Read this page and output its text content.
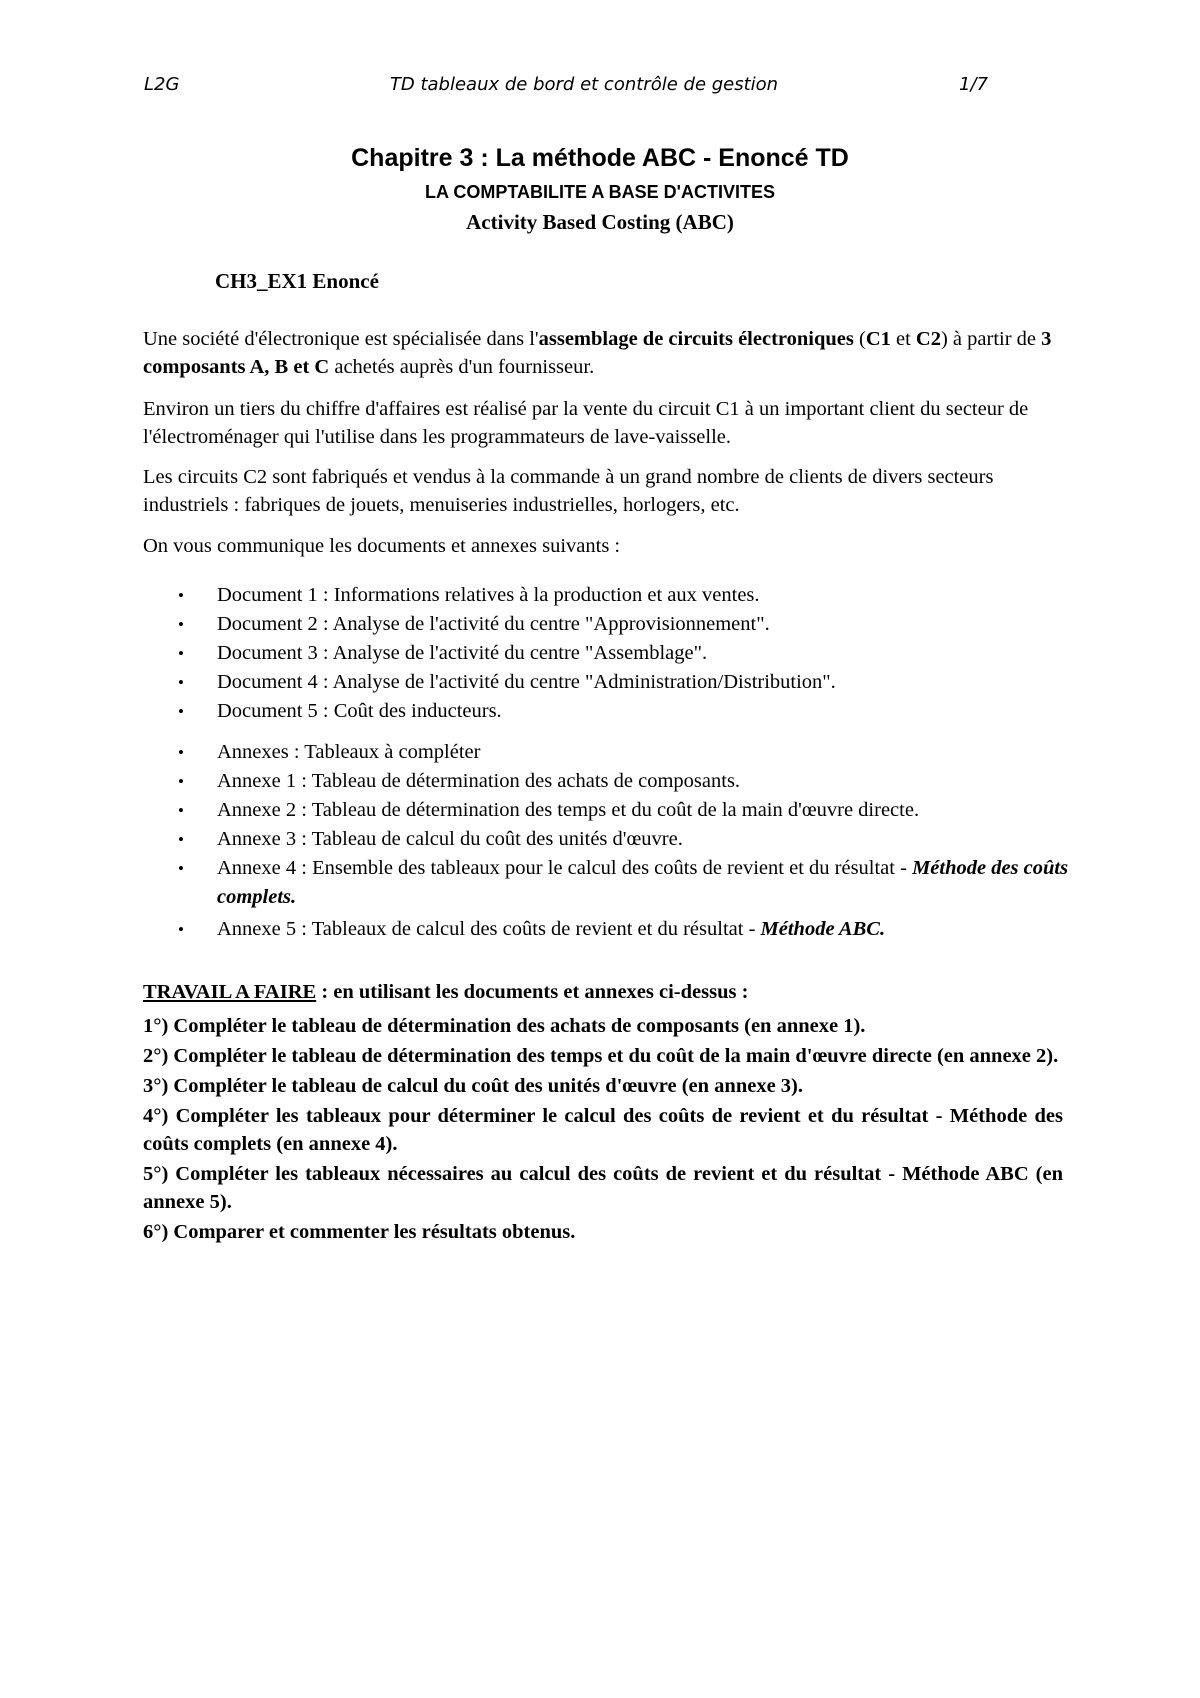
L2G	TD tableaux de bord et contrôle de gestion	1/7
Chapitre 3 : La méthode ABC - Enoncé TD
LA COMPTABILITE A BASE D'ACTIVITES
Activity Based Costing (ABC)
CH3_EX1 Enoncé
Une société d'électronique est spécialisée dans l'assemblage de circuits électroniques (C1 et C2) à partir de 3 composants A, B et C achetés auprès d'un fournisseur.
Environ un tiers du chiffre d'affaires est réalisé par la vente du circuit C1 à un important client du secteur de l'électroménager qui l'utilise dans les programmateurs de lave-vaisselle.
Les circuits C2 sont fabriqués et vendus à la commande à un grand nombre de clients de divers secteurs industriels : fabriques de jouets, menuiseries industrielles, horlogers, etc.
On vous communique les documents et annexes suivants :
• Document 1 : Informations relatives à la production et aux ventes.
• Document 2 : Analyse de l'activité du centre "Approvisionnement".
• Document 3 : Analyse de l'activité du centre "Assemblage".
• Document 4 : Analyse de l'activité du centre "Administration/Distribution".
• Document 5 : Coût des inducteurs.
• Annexes : Tableaux à compléter
• Annexe 1 : Tableau de détermination des achats de composants.
• Annexe 2 : Tableau de détermination des temps et du coût de la main d'œuvre directe.
• Annexe 3 : Tableau de calcul du coût des unités d'œuvre.
• Annexe 4 : Ensemble des tableaux pour le calcul des coûts de revient et du résultat - Méthode des coûts complets.
• Annexe 5 : Tableaux de calcul des coûts de revient et du résultat - Méthode ABC.
TRAVAIL A FAIRE : en utilisant les documents et annexes ci-dessus :
1°) Compléter le tableau de détermination des achats de composants (en annexe 1).
2°) Compléter le tableau de détermination des temps et du coût de la main d'œuvre directe (en annexe 2).
3°) Compléter le tableau de calcul du coût des unités d'œuvre (en annexe 3).
4°) Compléter les tableaux pour déterminer le calcul des coûts de revient et du résultat - Méthode des coûts complets (en annexe 4).
5°) Compléter les tableaux nécessaires au calcul des coûts de revient et du résultat - Méthode ABC (en annexe 5).
6°) Comparer et commenter les résultats obtenus.
